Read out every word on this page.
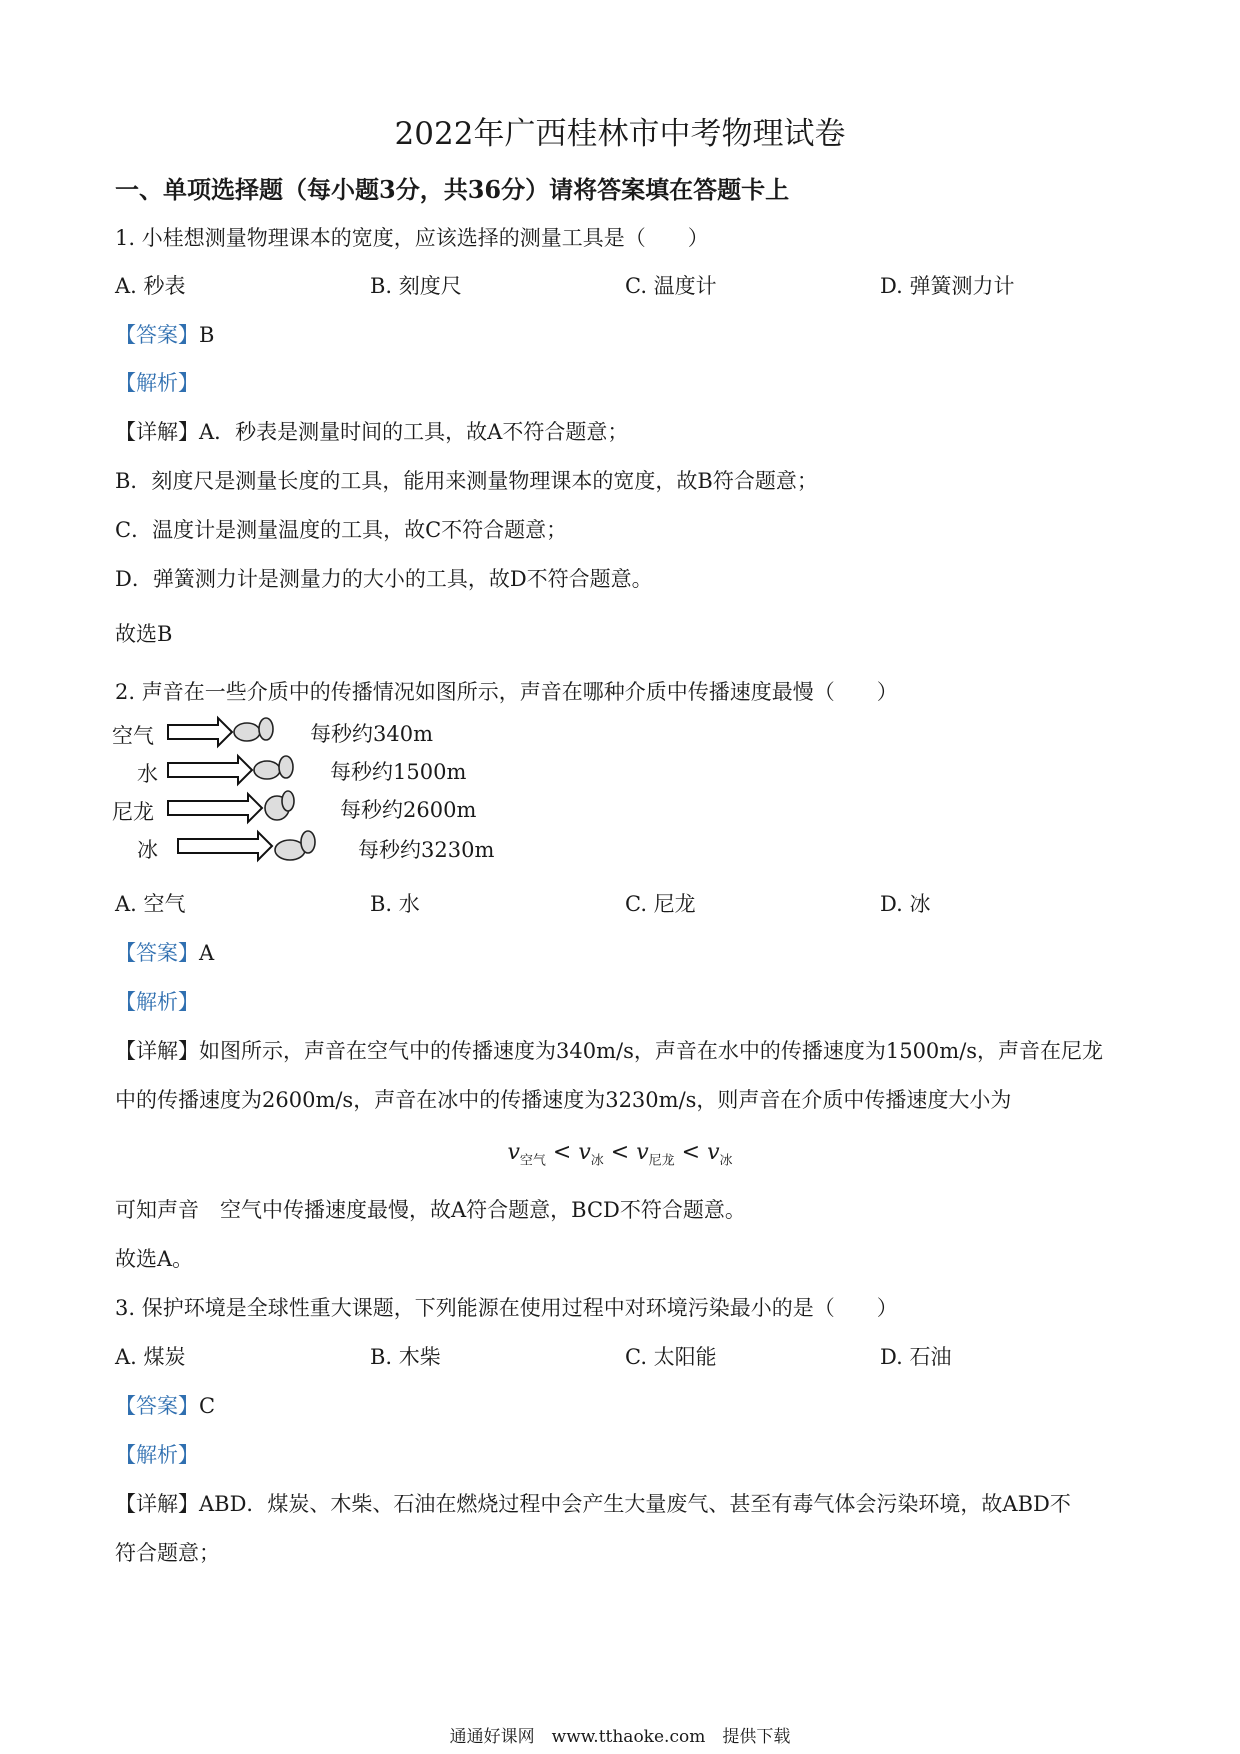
2022年广西桂林市中考物理试卷
一、单项选择题（每小题3分，共36分）请将答案填在答题卡上
1. 小桂想测量物理课本的宽度，应该选择的测量工具是（　　）
A. 秒表	B. 刻度尺	C. 温度计	D. 弹簧测力计
【答案】B
【解析】
【详解】A．秒表是测量时间的工具，故A不符合题意；
B．刻度尺是测量长度的工具，能用来测量物理课本的宽度，故B符合题意；
C．温度计是测量温度的工具，故C不符合题意；
D．弹簧测力计是测量力的大小的工具，故D不符合题意。
故选B
2. 声音在一些介质中的传播情况如图所示，声音在哪种介质中传播速度最慢（　　）
空气
水
尼龙
冰
每秒约340m
每秒约1500m
每秒约2600m
每秒约3230m
A. 空气	B. 水	C. 尼龙	D. 冰
【答案】A
【解析】
【详解】如图所示，声音在空气中的传播速度为340m/s，声音在水中的传播速度为1500m/s，声音在尼龙
中的传播速度为2600m/s，声音在冰中的传播速度为3230m/s，则声音在介质中传播速度大小为
$v_{空气} < v_冰 < v_{尼龙} < v_冰$
可知声音　空气中传播速度最慢，故A符合题意，BCD不符合题意。
故选A。
3. 保护环境是全球性重大课题，下列能源在使用过程中对环境污染最小的是（　　）
A. 煤炭	B. 木柴	C. 太阳能	D. 石油
【答案】C
【解析】
【详解】ABD．煤炭、木柴、石油在燃烧过程中会产生大量废气、甚至有毒气体会污染环境，故ABD不
符合题意；
通通好课网　www.tthaoke.com　提供下载
